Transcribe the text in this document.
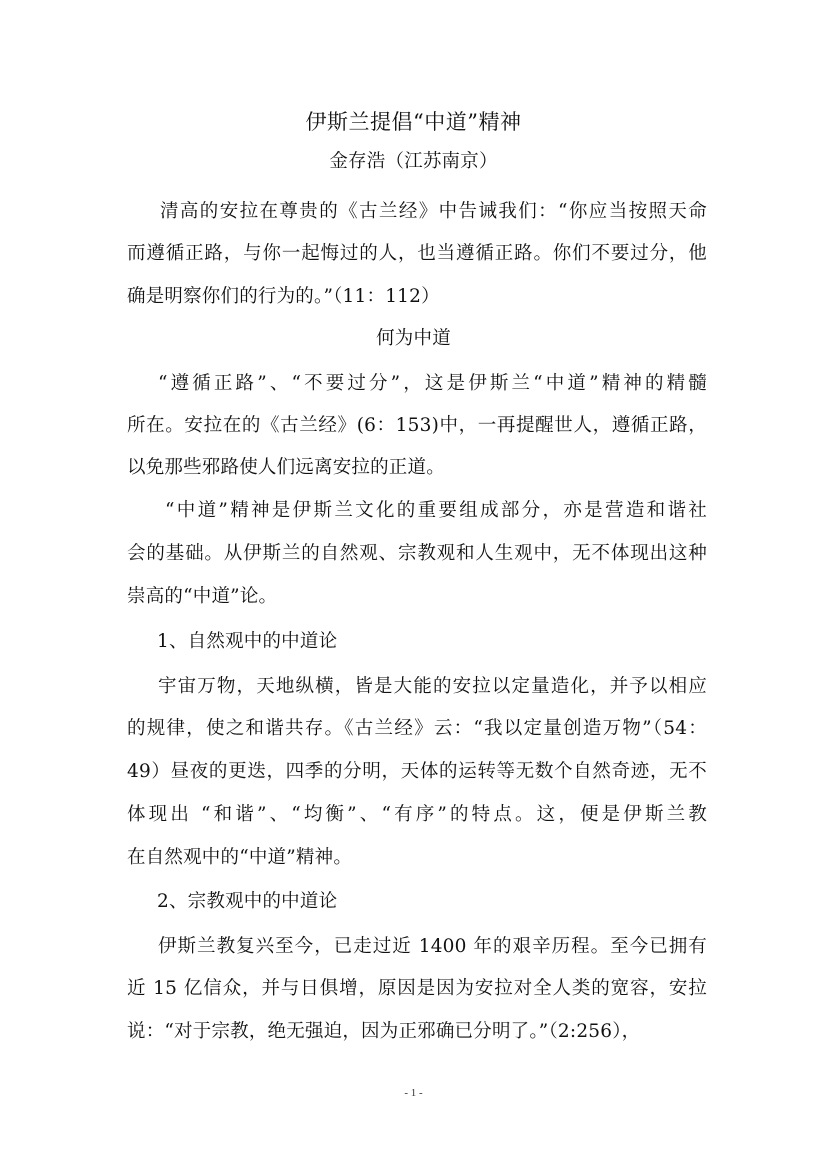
伊斯兰提倡“中道”精神
金存浩（江苏南京）
清高的安拉在尊贵的《古兰经》中告诫我们：“你应当按照天命
而遵循正路，与你一起悔过的人，也当遵循正路。你们不要过分，他
确是明察你们的行为的。”（11：112）
何为中道
“遵循正路”、“不要过分”，这是伊斯兰“中道”精神的精髓
所在。安拉在的《古兰经》(6：153)中，一再提醒世人，遵循正路，
以免那些邪路使人们远离安拉的正道。
“中道”精神是伊斯兰文化的重要组成部分，亦是营造和谐社
会的基础。从伊斯兰的自然观、宗教观和人生观中，无不体现出这种
崇高的“中道”论。
1、自然观中的中道论
宇宙万物，天地纵横，皆是大能的安拉以定量造化，并予以相应
的规律，使之和谐共存。《古兰经》云：“我以定量创造万物”（54：
49）昼夜的更迭，四季的分明，天体的运转等无数个自然奇迹，无不
体现出 “和谐”、“均衡”、“有序”的特点。这，便是伊斯兰教
在自然观中的“中道”精神。
2、宗教观中的中道论
伊斯兰教复兴至今，已走过近 1400 年的艰辛历程。至今已拥有
近 15 亿信众，并与日俱增，原因是因为安拉对全人类的宽容，安拉
说：“对于宗教，绝无强迫，因为正邪确已分明了。”（2:256），
- 1 -
